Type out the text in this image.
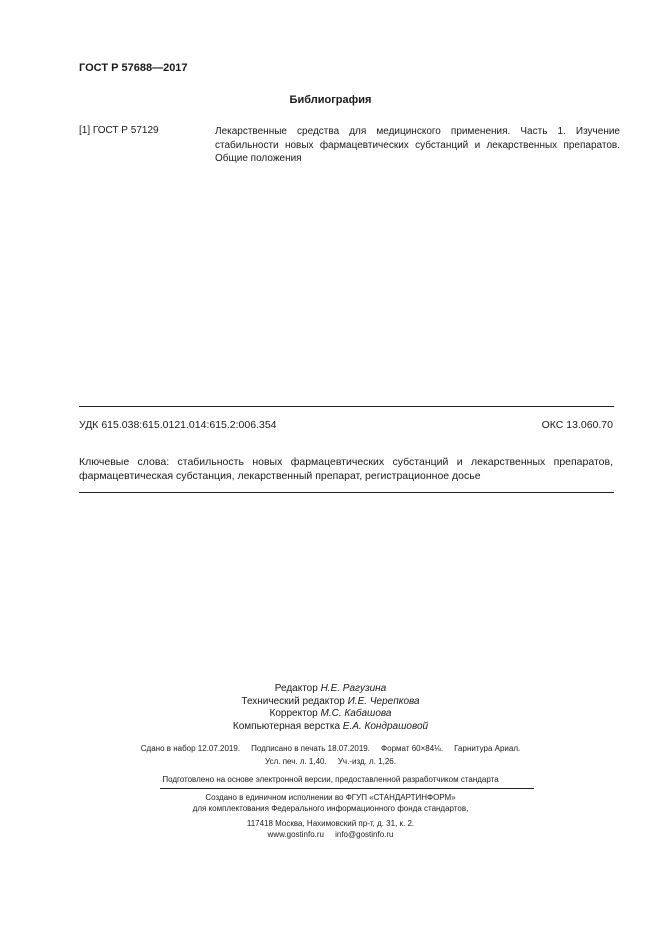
ГОСТ Р 57688—2017
Библиография
[1] ГОСТ Р 57129	Лекарственные средства для медицинского применения. Часть 1. Изучение стабильности новых фармацевтических субстанций и лекарственных препаратов. Общие положения
УДК 615.038:615.0121.014:615.2:006.354	ОКС 13.060.70
Ключевые слова: стабильность новых фармацевтических субстанций и лекарственных препаратов, фармацевтическая субстанция, лекарственный препарат, регистрационное досье
Редактор Н.Е. Рагузина
Технический редактор И.Е. Черепкова
Корректор М.С. Кабашова
Компьютерная верстка Е.А. Кондрашовой
Сдано в набор 12.07.2019.     Подписано в печать 18.07.2019.     Формат 60×84⅛.     Гарнитура Ариал.
Усл. печ. л. 1,40.     Уч.-изд. л. 1,26.
Подготовлено на основе электронной версии, предоставленной разработчиком стандарта
Создано в единичном исполнении во ФГУП «СТАНДАРТИНФОРМ»
для комплектования Федерального информационного фонда стандартов,
117418 Москва, Нахимовский пр-т, д. 31, к. 2.
www.gostinfo.ru     info@gostinfo.ru
